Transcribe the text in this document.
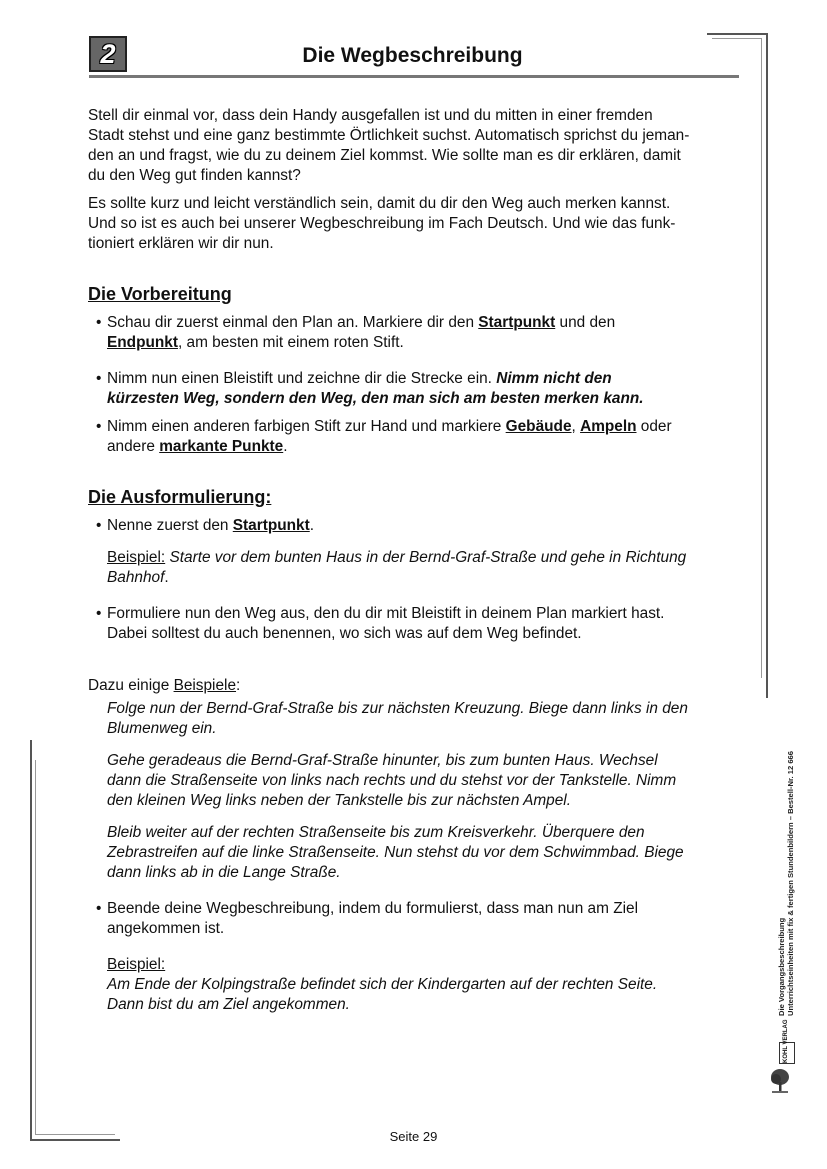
2	Die Wegbeschreibung
Stell dir einmal vor, dass dein Handy ausgefallen ist und du mitten in einer fremden
Stadt stehst und eine ganz bestimmte Örtlichkeit suchst. Automatisch sprichst du jeman-
den an und fragst, wie du zu deinem Ziel kommst. Wie sollte man es dir erklären, damit
du den Weg gut finden kannst?
Es sollte kurz und leicht verständlich sein, damit du dir den Weg auch merken kannst.
Und so ist es auch bei unserer Wegbeschreibung im Fach Deutsch. Und wie das funk-
tioniert erklären wir dir nun.
Die Vorbereitung
• Schau dir zuerst einmal den Plan an. Markiere dir den Startpunkt und den
Endpunkt, am besten mit einem roten Stift.
• Nimm nun einen Bleistift und zeichne dir die Strecke ein. Nimm nicht den
kürzesten Weg, sondern den Weg, den man sich am besten merken kann.
• Nimm einen anderen farbigen Stift zur Hand und markiere Gebäude, Ampeln oder
andere markante Punkte.
Die Ausformulierung:
• Nenne zuerst den Startpunkt.
Beispiel: Starte vor dem bunten Haus in der Bernd-Graf-Straße und gehe in Richtung
Bahnhof.
• Formuliere nun den Weg aus, den du dir mit Bleistift in deinem Plan markiert hast.
Dabei solltest du auch benennen, wo sich was auf dem Weg befindet.
Dazu einige Beispiele:
Folge nun der Bernd-Graf-Straße bis zur nächsten Kreuzung. Biege dann links in den
Blumenweg ein.
Gehe geradeaus die Bernd-Graf-Straße hinunter, bis zum bunten Haus. Wechsel
dann die Straßenseite von links nach rechts und du stehst vor der Tankstelle. Nimm
den kleinen Weg links neben der Tankstelle bis zur nächsten Ampel.
Bleib weiter auf der rechten Straßenseite bis zum Kreisverkehr. Überquere den
Zebrastreifen auf die linke Straßenseite. Nun stehst du vor dem Schwimmbad. Biege
dann links ab in die Lange Straße.
• Beende deine Wegbeschreibung, indem du formulierst, dass man nun am Ziel
angekommen ist.
Beispiel:
Am Ende der Kolpingstraße befindet sich der Kindergarten auf der rechten Seite.
Dann bist du am Ziel angekommen.	Die Vorgangsbeschreibung Unterrichtseinheiten mit fix & fertigen Stundenbildern – Bestell-Nr. 12 666
KOHL VERLAG
Seite 29
